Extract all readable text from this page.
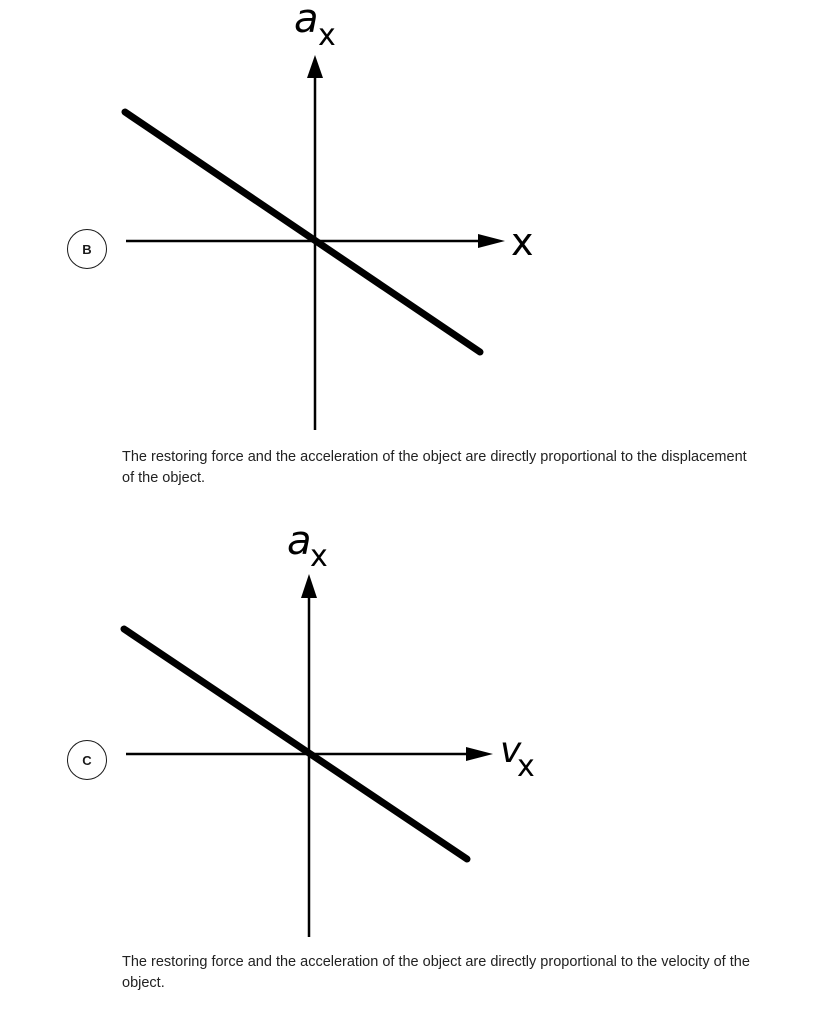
B
a x
x
The restoring force and the acceleration of the object are directly proportional to the displacement of the object.
C
a
x
v
x
The restoring force and the acceleration of the object are directly proportional to the velocity of the object.
